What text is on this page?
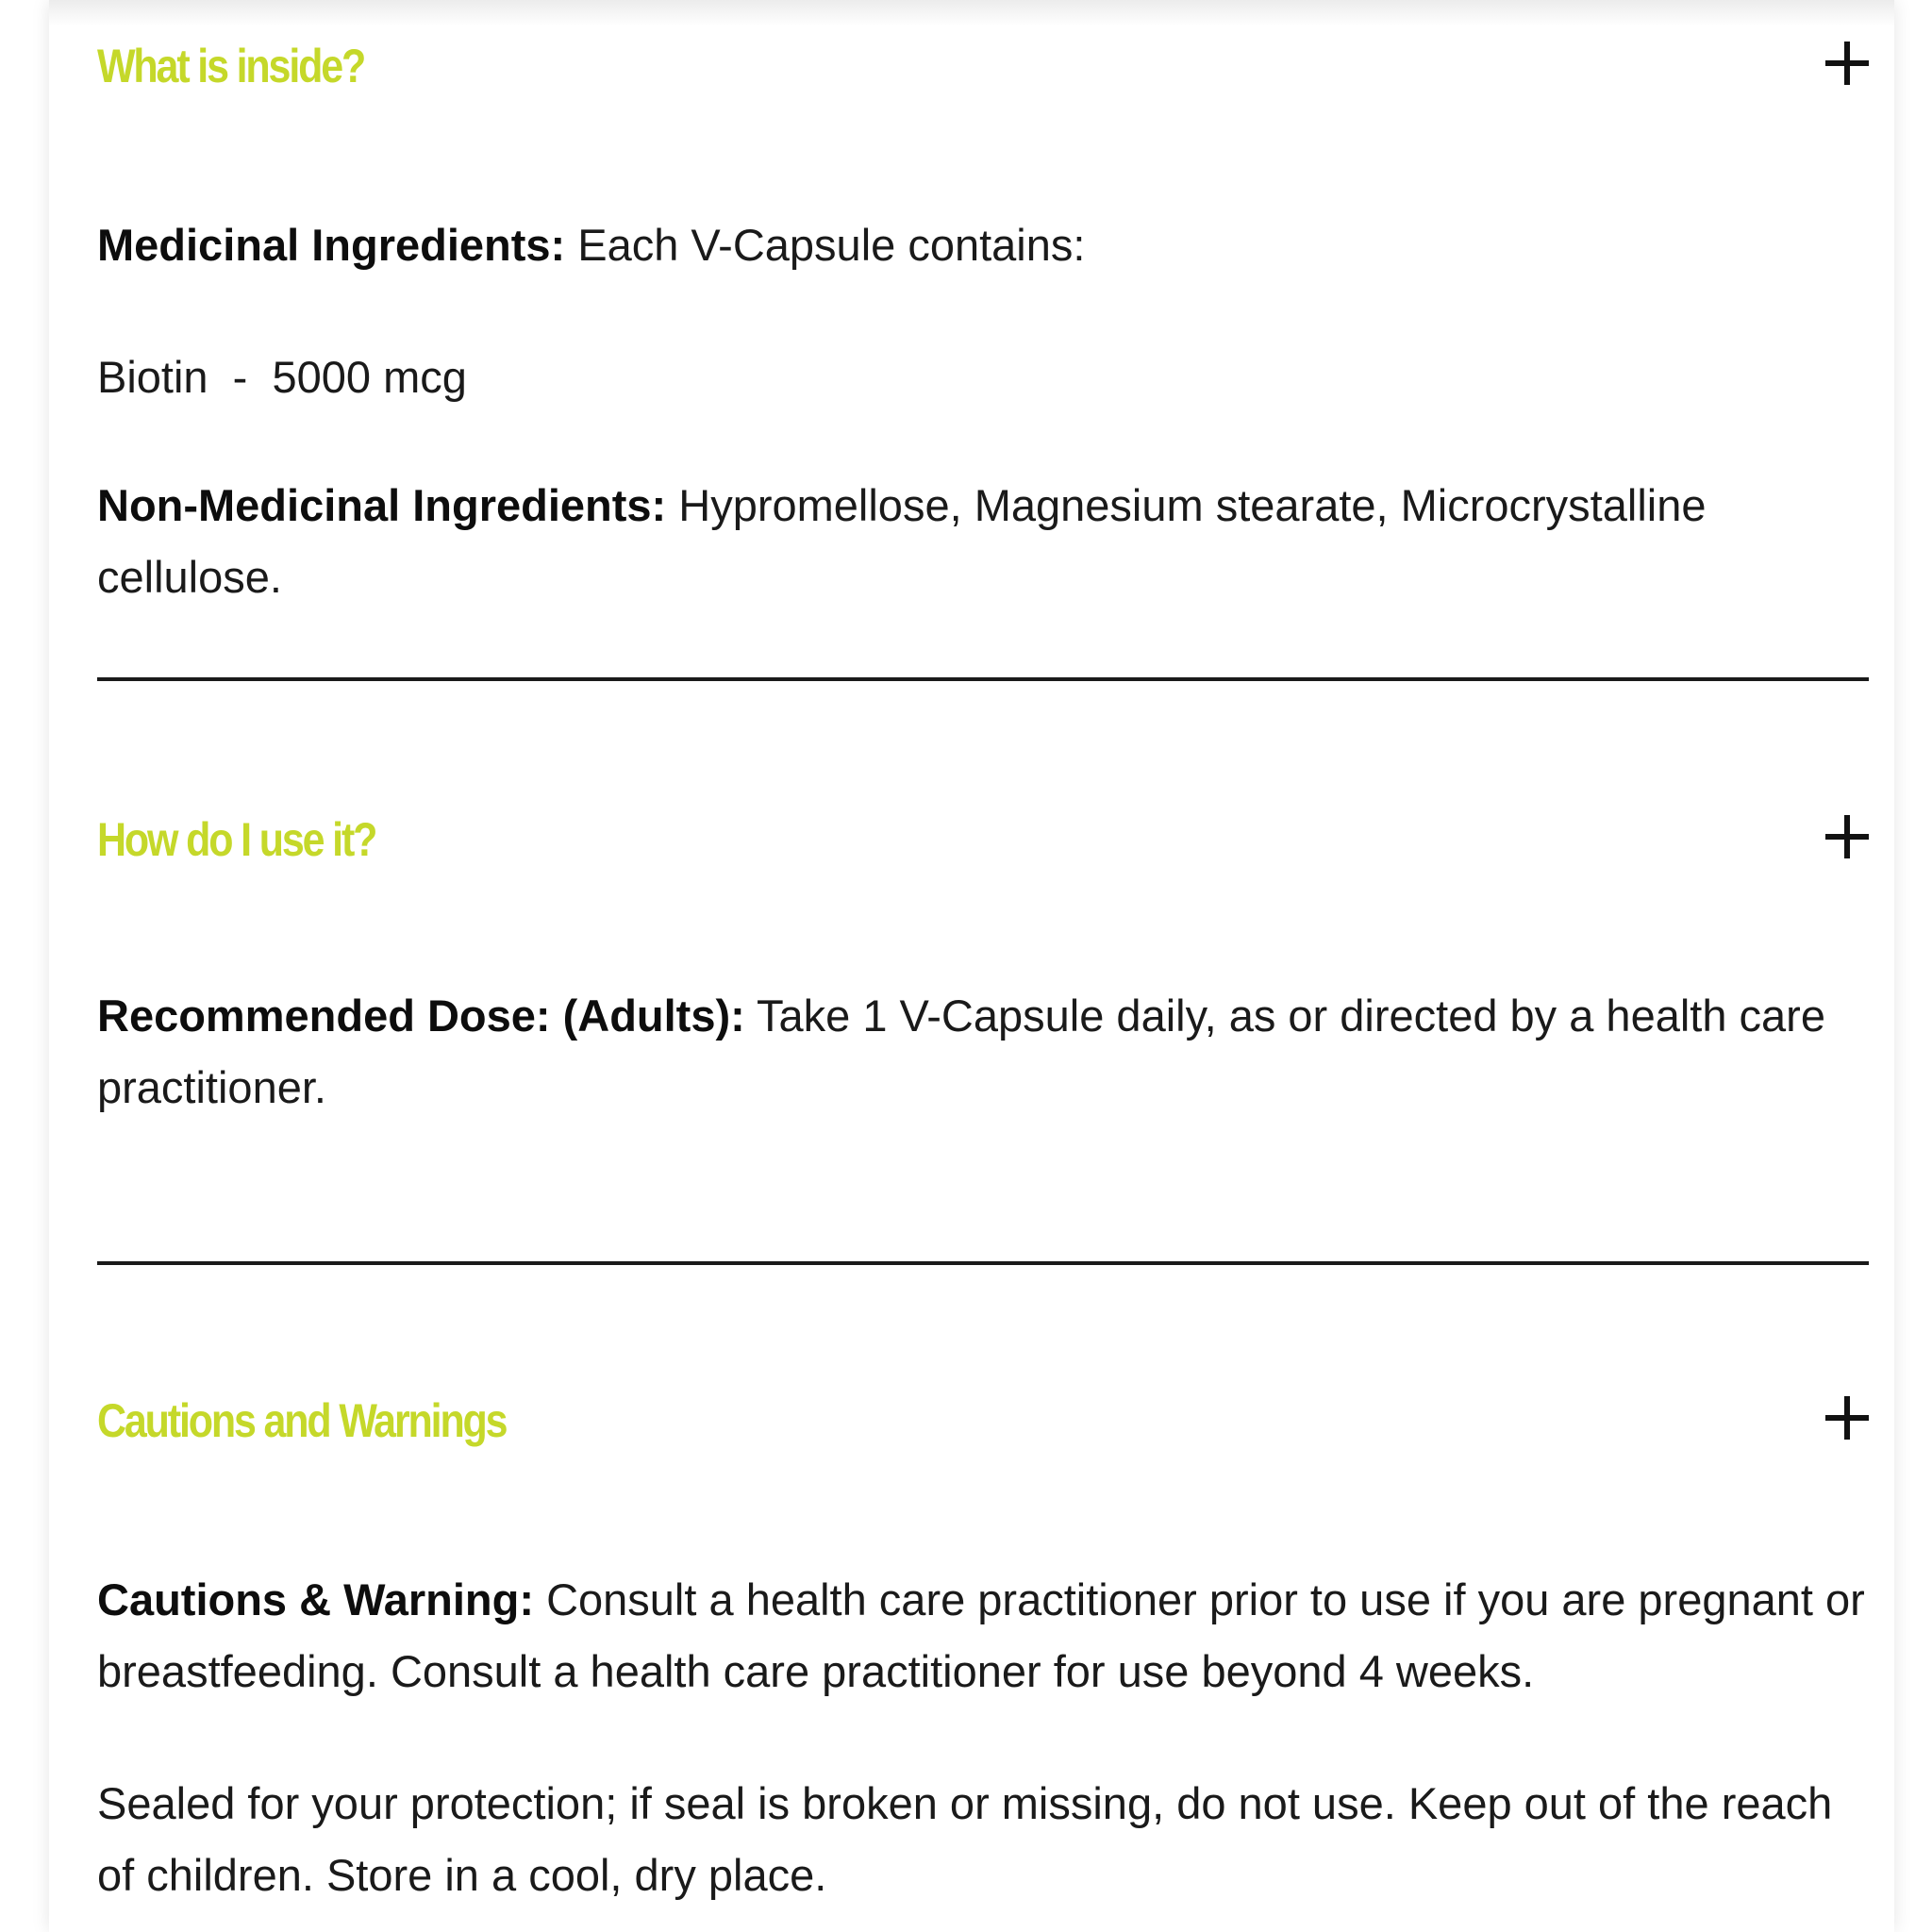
What is inside?

Medicinal Ingredients: Each V-Capsule contains:

Biotin  -  5000 mcg

Non-Medicinal Ingredients: Hypromellose, Magnesium stearate, Microcrystalline cellulose.

How do I use it?

Recommended Dose: (Adults): Take 1 V-Capsule daily, as or directed by a health care practitioner.

Cautions and Warnings

Cautions & Warning: Consult a health care practitioner prior to use if you are pregnant or breastfeeding. Consult a health care practitioner for use beyond 4 weeks.

Sealed for your protection; if seal is broken or missing, do not use. Keep out of the reach of children. Store in a cool, dry place.
